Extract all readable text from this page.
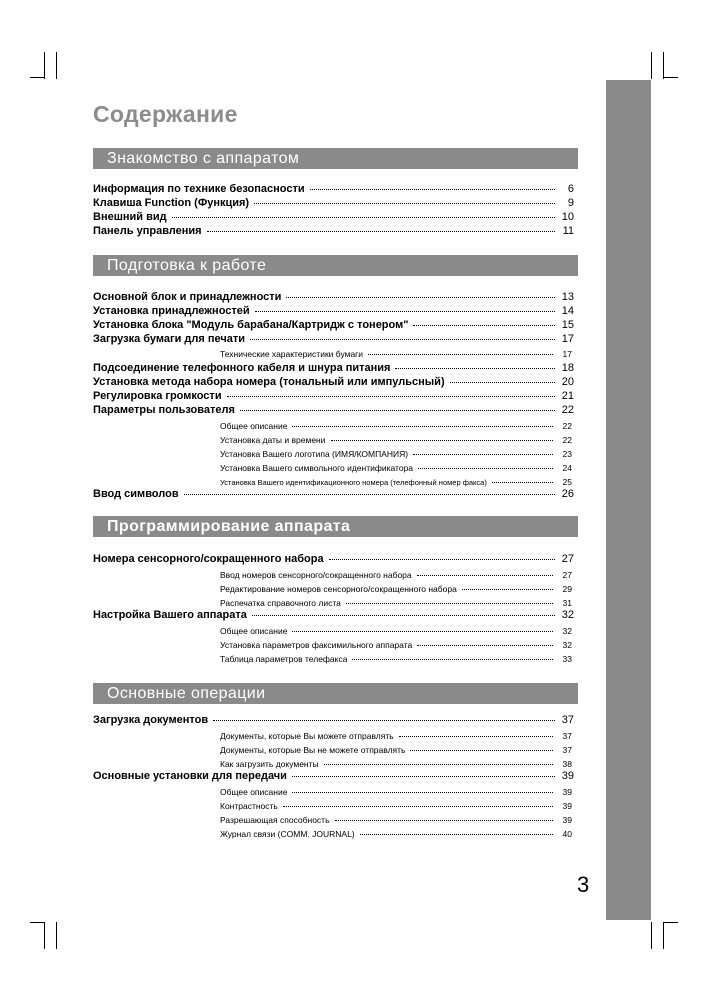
Содержание
Знакомство с аппаратом
Информация по технике безопасности	6
Клавиша Function (Функция)	9
Внешний вид	10
Панель управления	11
Подготовка к работе
Основной блок и принадлежности	13
Установка принадлежностей	14
Установка блока "Модуль барабана/Картридж с тонером"	15
Загрузка бумаги для печати	17
Технические характеристики бумаги	17
Подсоединение телефонного кабеля и шнура питания	18
Установка метода набора номера (тональный или импульсный)	20
Регулировка громкости	21
Параметры пользователя	22
Общее описание	22
Установка даты и времени	22
Установка Вашего логотипа (ИМЯ/КОМПАНИЯ)	23
Установка Вашего символьного идентификатора	24
Установка Вашего идентификационного номера (телефонный номер факса)	25
Ввод символов	26
Программирование аппарата
Номера сенсорного/сокращенного набора	27
Ввод номеров сенсорного/сокращенного набора	27
Редактирование номеров сенсорного/сокращенного набора	29
Распечатка справочного листа	31
Настройка Вашего аппарата	32
Общее описание	32
Установка параметров факсимильного аппарата	32
Таблица параметров телефакса	33
Основные операции
Загрузка документов	37
Документы, которые Вы можете отправлять	37
Документы, которые Вы не можете отправлять	37
Как загрузить документы	38
Основные установки для передачи	39
Общее описание	39
Контрастность	39
Разрешающая способность	39
Журнал связи (COMM. JOURNAL)	40
3
